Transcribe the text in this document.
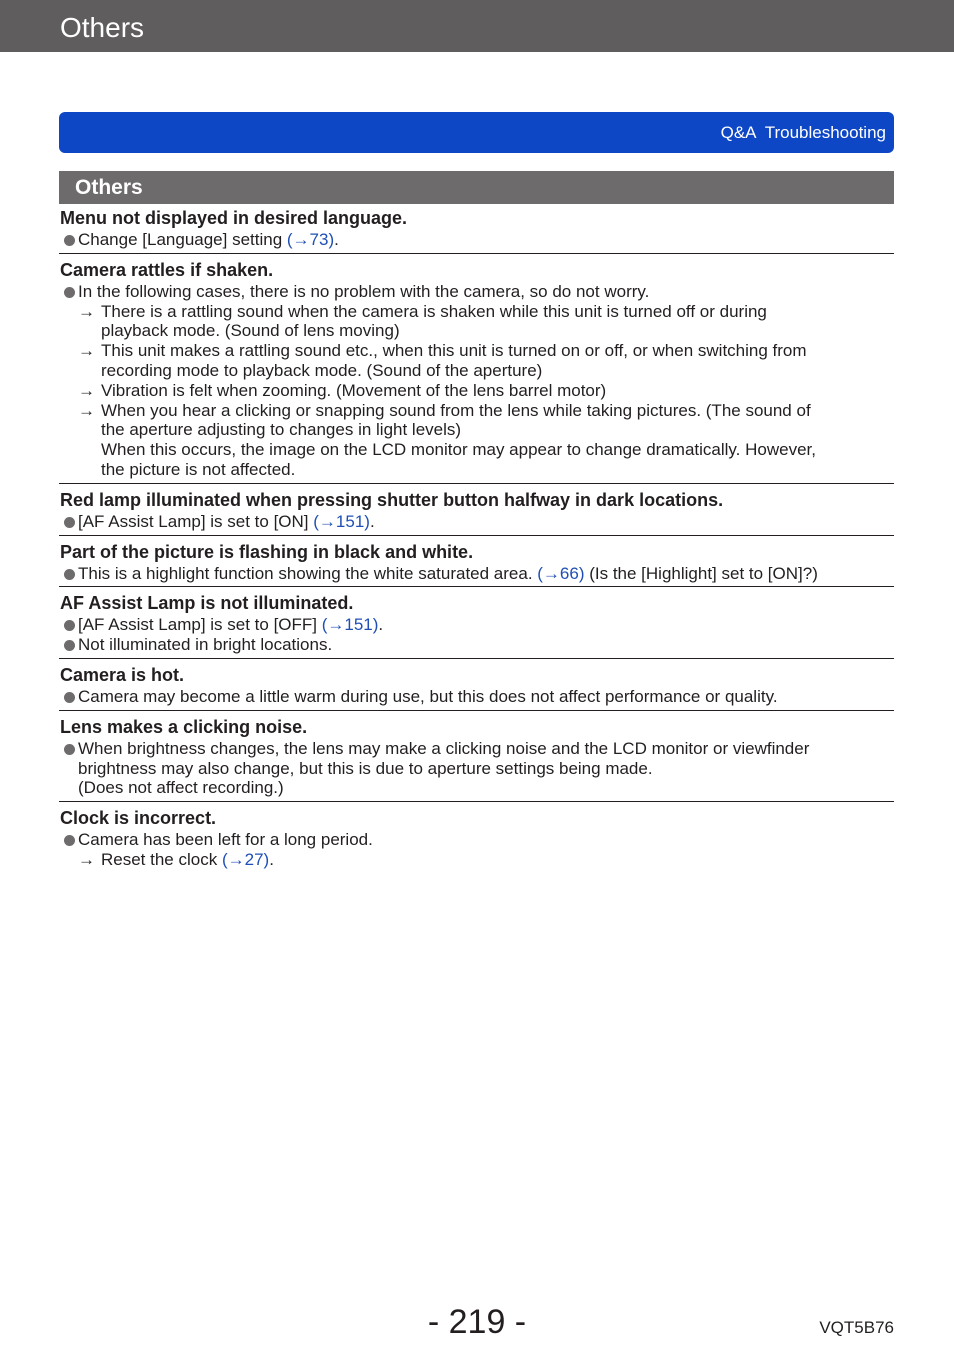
Others
Q&A  Troubleshooting
Others
Menu not displayed in desired language.
Change [Language] setting (→73).
Camera rattles if shaken.
In the following cases, there is no problem with the camera, so do not worry.
→ There is a rattling sound when the camera is shaken while this unit is turned off or during
playback mode. (Sound of lens moving)
→ This unit makes a rattling sound etc., when this unit is turned on or off, or when switching from
recording mode to playback mode. (Sound of the aperture)
→ Vibration is felt when zooming. (Movement of the lens barrel motor)
→ When you hear a clicking or snapping sound from the lens while taking pictures. (The sound of
the aperture adjusting to changes in light levels)
When this occurs, the image on the LCD monitor may appear to change dramatically. However,
the picture is not affected.
Red lamp illuminated when pressing shutter button halfway in dark locations.
[AF Assist Lamp] is set to [ON] (→151).
Part of the picture is flashing in black and white.
This is a highlight function showing the white saturated area. (→66) (Is the [Highlight] set to [ON]?)
AF Assist Lamp is not illuminated.
[AF Assist Lamp] is set to [OFF] (→151).
Not illuminated in bright locations.
Camera is hot.
Camera may become a little warm during use, but this does not affect performance or quality.
Lens makes a clicking noise.
When brightness changes, the lens may make a clicking noise and the LCD monitor or viewfinder
brightness may also change, but this is due to aperture settings being made.
(Does not affect recording.)
Clock is incorrect.
Camera has been left for a long period.
→ Reset the clock (→27).
- 219 -	VQT5B76
